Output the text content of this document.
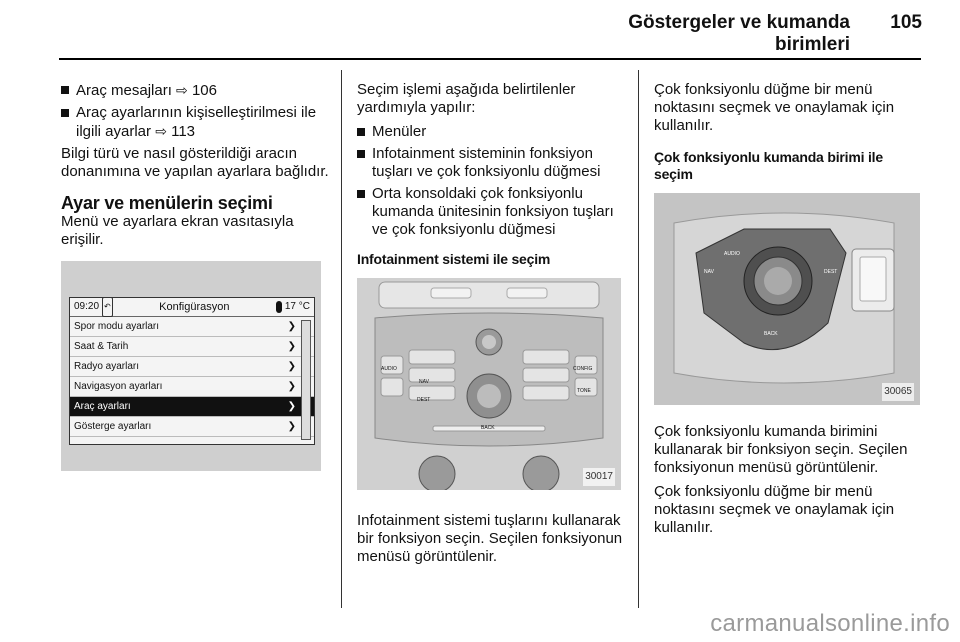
Göstergeler ve kumanda birimleri
105
Araç mesajları ⇨ 106
Araç ayarlarının kişiselleştirilmesi ile ilgili ayarlar ⇨ 113

Bilgi türü ve nasıl gösterildiği aracın donanımına ve yapılan ayarlara bağlıdır.

Ayar ve menülerin seçimi

Menü ve ayarlara ekran vasıtasıyla erişilir.

09:20 ↶	Konfigürasyon	17 °C
Spor modu ayarları	❯
Saat & Tarih	❯
Radyo ayarları	❯
Navigasyon ayarları	❯
Araç ayarları	❯
Gösterge ayarları	❯

Seçim işlemi aşağıda belirtilenler yardımıyla yapılır:

Menüler
Infotainment sisteminin fonksiyon tuşları ve çok fonksiyonlu düğmesi
Orta konsoldaki çok fonksiyonlu kumanda ünitesinin fonksiyon tuşları ve çok fonksiyonlu düğmesi
Infotainment sistemi ile seçim
AUDIO
NAV
DEST
CONFIG
TONE
BACK
30017

Infotainment sistemi tuşlarını kullanarak bir fonksiyon seçin. Seçilen fonksiyonun menüsü görüntülenir.

Çok fonksiyonlu düğme bir menü noktasını seçmek ve onaylamak için kullanılır.

Çok fonksiyonlu kumanda birimi ile seçim
AUDIO
NAV	DEST
BACK
30065

Çok fonksiyonlu kumanda birimini kullanarak bir fonksiyon seçin. Seçilen fonksiyonun menüsü görüntülenir.

Çok fonksiyonlu düğme bir menü noktasını seçmek ve onaylamak için kullanılır.

carmanualsonline.info
